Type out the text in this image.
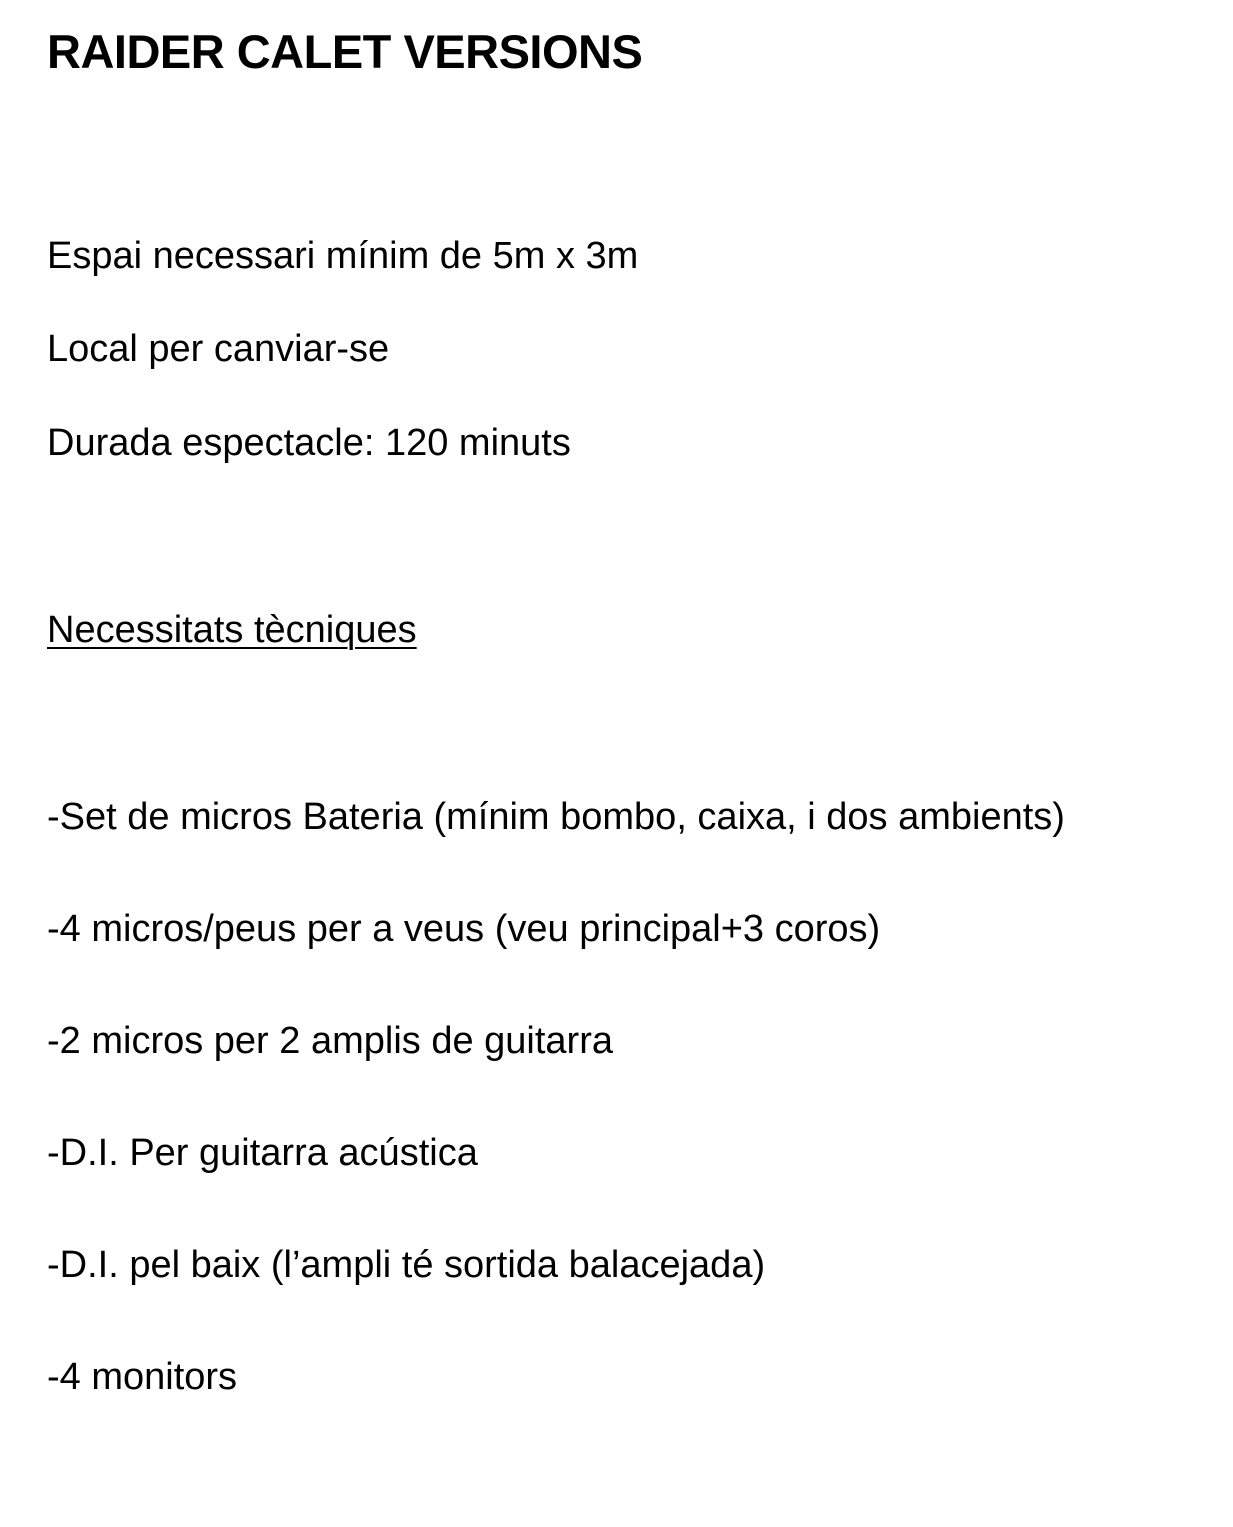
RAIDER CALET VERSIONS

Espai necessari mínim de 5m x 3m

Local per canviar-se

Durada espectacle: 120 minuts

Necessitats tècniques

-Set de micros Bateria (mínim bombo, caixa, i dos ambients)

-4 micros/peus per a veus (veu principal+3 coros)

-2 micros per 2 amplis de guitarra

-D.I. Per guitarra acústica

-D.I. pel baix (l’ampli té sortida balacejada)

-4 monitors
